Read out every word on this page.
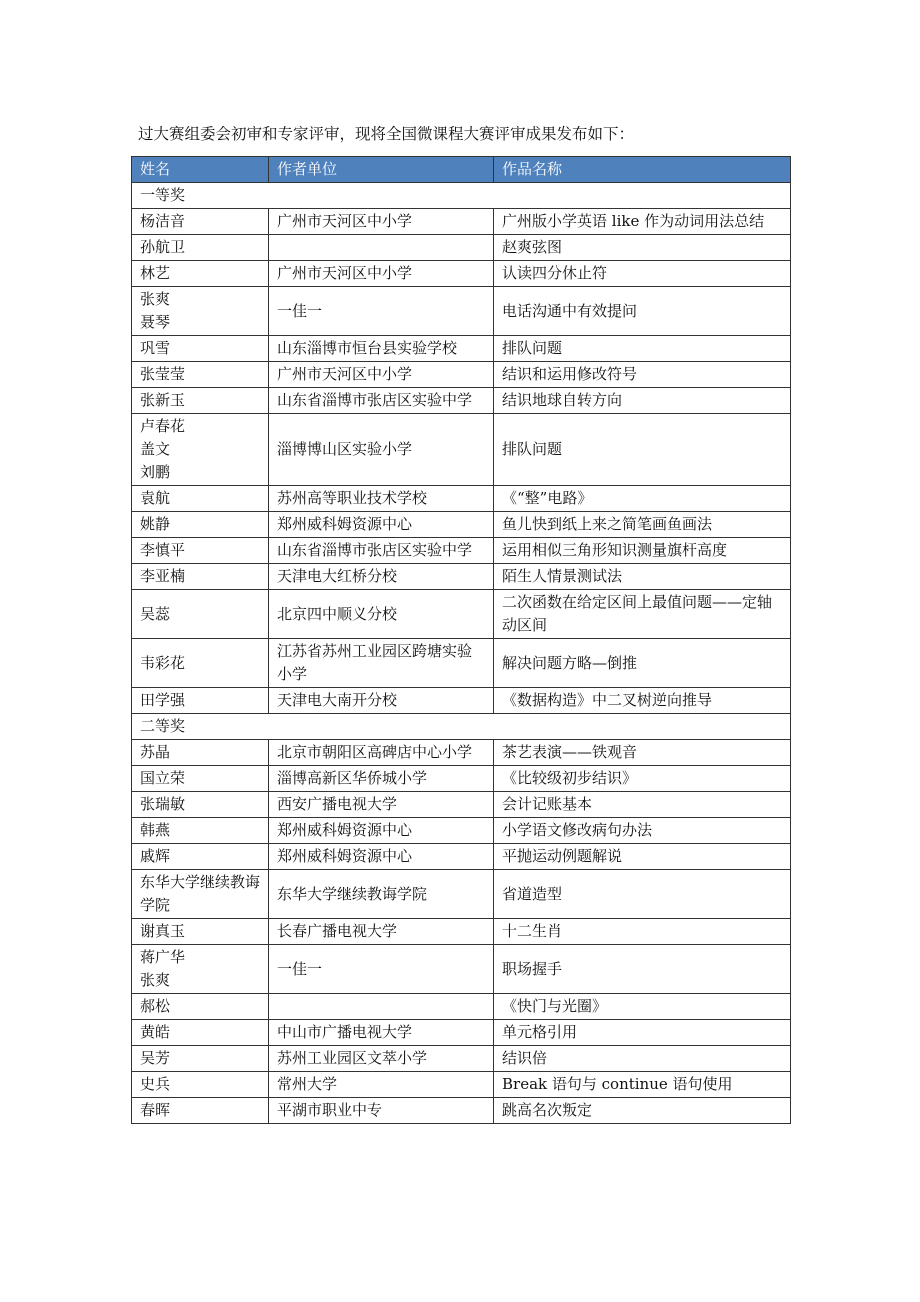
过大赛组委会初审和专家评审，现将全国微课程大赛评审成果发布如下：
姓名	作者单位	作品名称
一等奖		

杨洁音	广州市天河区中小学	广州版小学英语 like 作为动词用法总结

孙航卫		赵爽弦图

林艺	广州市天河区中小学	认读四分休止符

张爽
聂琴	一佳一	电话沟通中有效提问

巩雪	山东淄博市恒台县实验学校	排队问题

张莹莹	广州市天河区中小学	结识和运用修改符号

张新玉	山东省淄博市张店区实验中学	结识地球自转方向

卢春花
盖文
刘鹏	淄博博山区实验小学	排队问题

袁航	苏州高等职业技术学校	《“整”电路》

姚静	郑州威科姆资源中心	鱼儿快到纸上来之简笔画鱼画法

李慎平	山东省淄博市张店区实验中学	运用相似三角形知识测量旗杆高度

李亚楠	天津电大红桥分校	陌生人情景测试法

吴蕊	北京四中顺义分校	二次函数在给定区间上最值问题——定轴动区间

韦彩花	江苏省苏州工业园区跨塘实验小学	解决问题方略—倒推

田学强	天津电大南开分校	《数据构造》中二叉树逆向推导
二等奖		

苏晶	北京市朝阳区高碑店中心小学	茶艺表演——铁观音

国立荣	淄博高新区华侨城小学	《比较级初步结识》

张瑞敏	西安广播电视大学	会计记账基本

韩燕	郑州威科姆资源中心	小学语文修改病句办法

戚辉	郑州威科姆资源中心	平抛运动例题解说

东华大学继续教诲学院	东华大学继续教诲学院	省道造型

谢真玉	长春广播电视大学	十二生肖

蒋广华
张爽	一佳一	职场握手

郝松		《快门与光圈》

黄皓	中山市广播电视大学	单元格引用

吴芳	苏州工业园区文萃小学	结识倍

史兵	常州大学	Break 语句与 continue 语句使用

春晖	平湖市职业中专	跳高名次叛定
